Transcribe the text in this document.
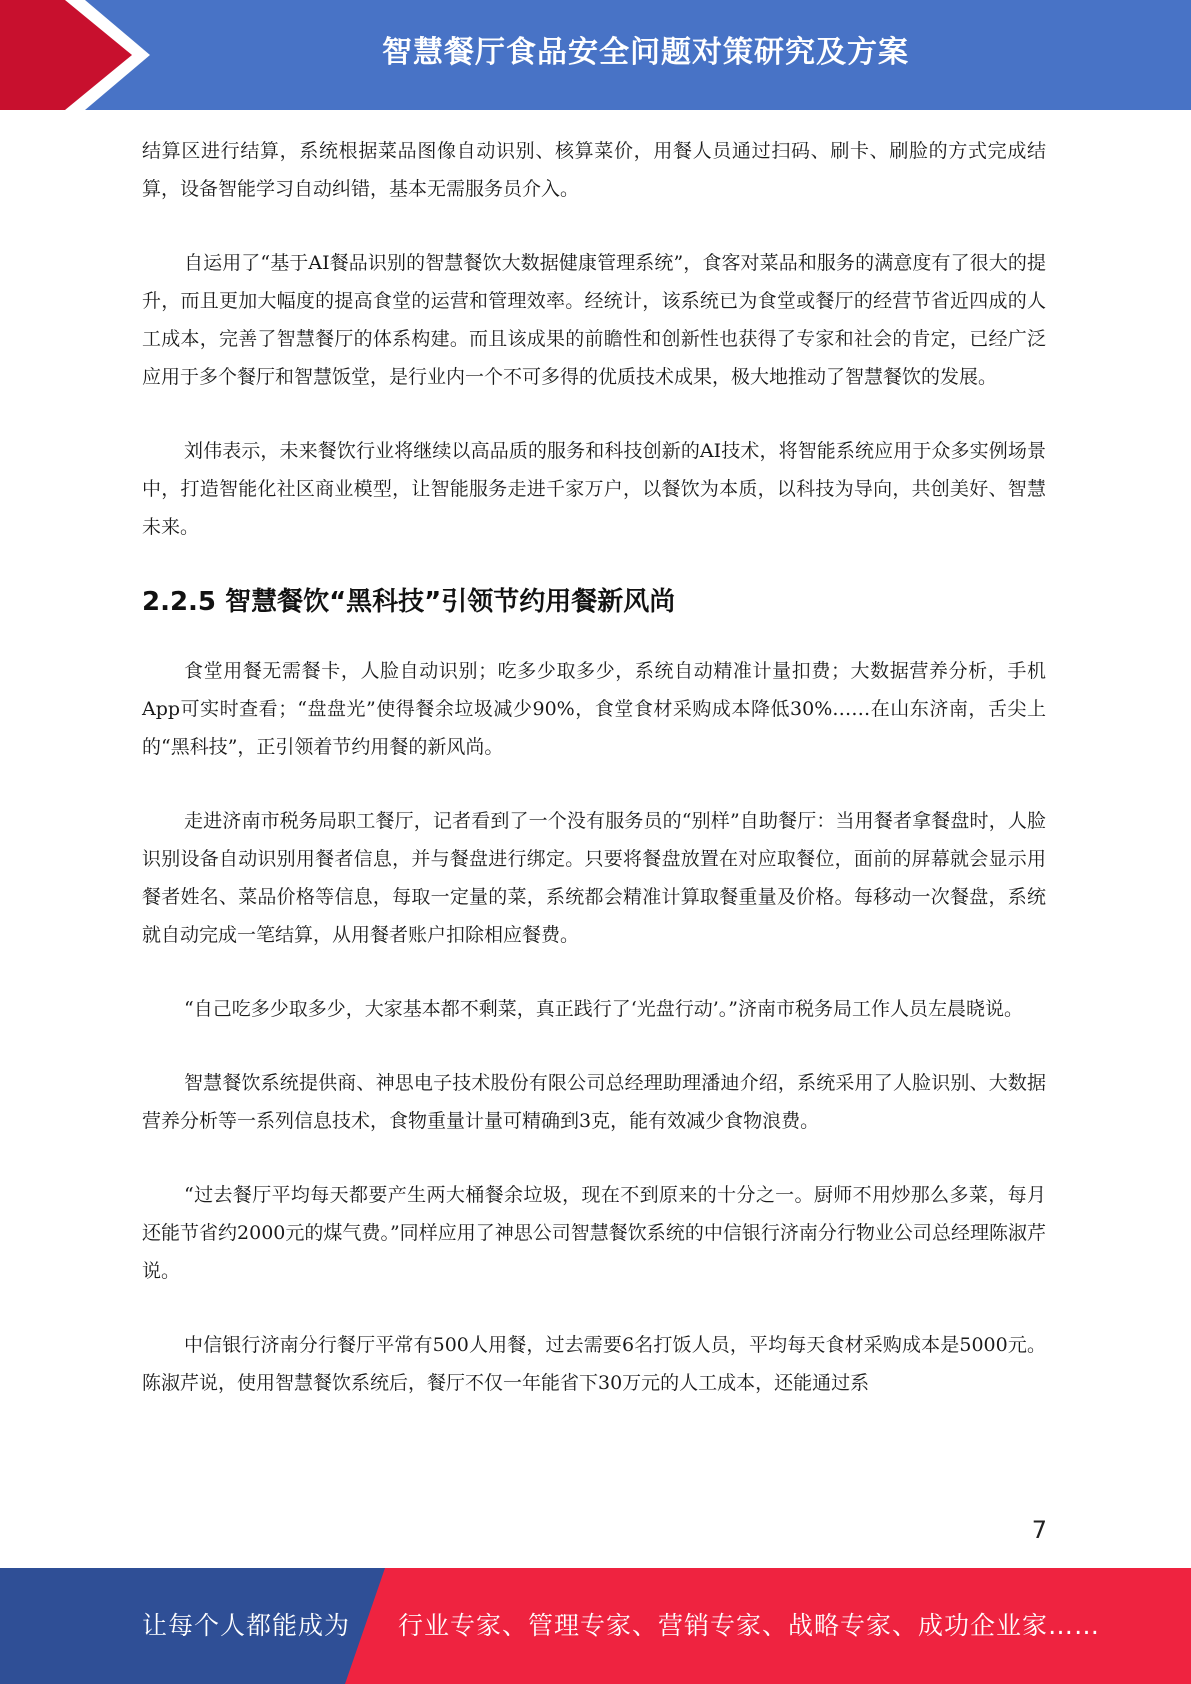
智慧餐厅食品安全问题对策研究及方案

结算区进行结算，系统根据菜品图像自动识别、核算菜价，用餐人员通过扫码、刷卡、刷脸的方式完成结算，设备智能学习自动纠错，基本无需服务员介入。

自运用了“基于AI餐品识别的智慧餐饮大数据健康管理系统”，食客对菜品和服务的满意度有了很大的提升，而且更加大幅度的提高食堂的运营和管理效率。经统计，该系统已为食堂或餐厅的经营节省近四成的人工成本，完善了智慧餐厅的体系构建。而且该成果的前瞻性和创新性也获得了专家和社会的肯定，已经广泛应用于多个餐厅和智慧饭堂，是行业内一个不可多得的优质技术成果，极大地推动了智慧餐饮的发展。

刘伟表示，未来餐饮行业将继续以高品质的服务和科技创新的AI技术，将智能系统应用于众多实例场景中，打造智能化社区商业模型，让智能服务走进千家万户，以餐饮为本质，以科技为导向，共创美好、智慧未来。

2.2.5 智慧餐饮“黑科技”引领节约用餐新风尚

食堂用餐无需餐卡，人脸自动识别；吃多少取多少，系统自动精准计量扣费；大数据营养分析，手机App可实时查看；“盘盘光”使得餐余垃圾减少90%，食堂食材采购成本降低30%……在山东济南，舌尖上的“黑科技”，正引领着节约用餐的新风尚。

走进济南市税务局职工餐厅，记者看到了一个没有服务员的“别样”自助餐厅：当用餐者拿餐盘时，人脸识别设备自动识别用餐者信息，并与餐盘进行绑定。只要将餐盘放置在对应取餐位，面前的屏幕就会显示用餐者姓名、菜品价格等信息，每取一定量的菜，系统都会精准计算取餐重量及价格。每移动一次餐盘，系统就自动完成一笔结算，从用餐者账户扣除相应餐费。

“自己吃多少取多少，大家基本都不剩菜，真正践行了‘光盘行动’。”济南市税务局工作人员左晨晓说。

智慧餐饮系统提供商、神思电子技术股份有限公司总经理助理潘迪介绍，系统采用了人脸识别、大数据营养分析等一系列信息技术，食物重量计量可精确到3克，能有效减少食物浪费。

“过去餐厅平均每天都要产生两大桶餐余垃圾，现在不到原来的十分之一。厨师不用炒那么多菜，每月还能节省约2000元的煤气费。”同样应用了神思公司智慧餐饮系统的中信银行济南分行物业公司总经理陈淑芹说。

中信银行济南分行餐厅平常有500人用餐，过去需要6名打饭人员，平均每天食材采购成本是5000元。陈淑芹说，使用智慧餐饮系统后，餐厅不仅一年能省下30万元的人工成本，还能通过系

7
让每个人都能成为 行业专家、管理专家、营销专家、战略专家、成功企业家……
